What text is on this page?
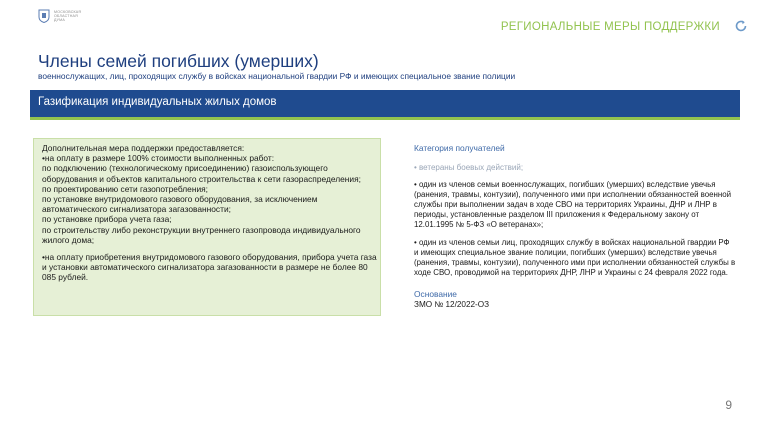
МОСКОВСКАЯ
ОБЛАСТНАЯ
ДУМА
РЕГИОНАЛЬНЫЕ МЕРЫ ПОДДЕРЖКИ
Члены семей погибших (умерших)
военнослужащих, лиц, проходящих службу в войсках национальной гвардии РФ и имеющих специальное звание полиции
Газификация индивидуальных жилых домов

Дополнительная мера поддержки предоставляется:

•на оплату в размере 100% стоимости выполненных работ:

по подключению (технологическому присоединению) газоиспользующего оборудования и объектов капитального строительства к сети газораспределения;

по проектированию сети газопотребления;

по установке внутридомового газового оборудования, за исключением автоматического сигнализатора загазованности;

по установке прибора учета газа;

по строительству либо реконструкции внутреннего газопровода индивидуального жилого дома;

•на оплату приобретения внутридомового газового оборудования, прибора учета газа и установки автоматического сигнализатора загазованности в размере не более 80 085 рублей.

Категория получателей

• ветераны боевых действий;
• один из членов семьи военнослужащих, погибших (умерших) вследствие увечья (ранения, травмы, контузии), полученного ими при исполнении обязанностей военной службы при выполнении задач в ходе СВО на территориях Украины, ДНР и ЛНР в периоды, установленные разделом III приложения к Федеральному закону от 12.01.1995 № 5-ФЗ «О ветеранах»;
• один из членов семьи лиц, проходящих службу в войсках национальной гвардии РФ и имеющих специальное звание полиции, погибших (умерших) вследствие увечья (ранения, травмы, контузии), полученного ими при исполнении обязанностей службы в ходе СВО, проводимой на территориях ДНР, ЛНР и Украины с 24 февраля 2022 года.
Основание
ЗМО № 12/2022-ОЗ
9
